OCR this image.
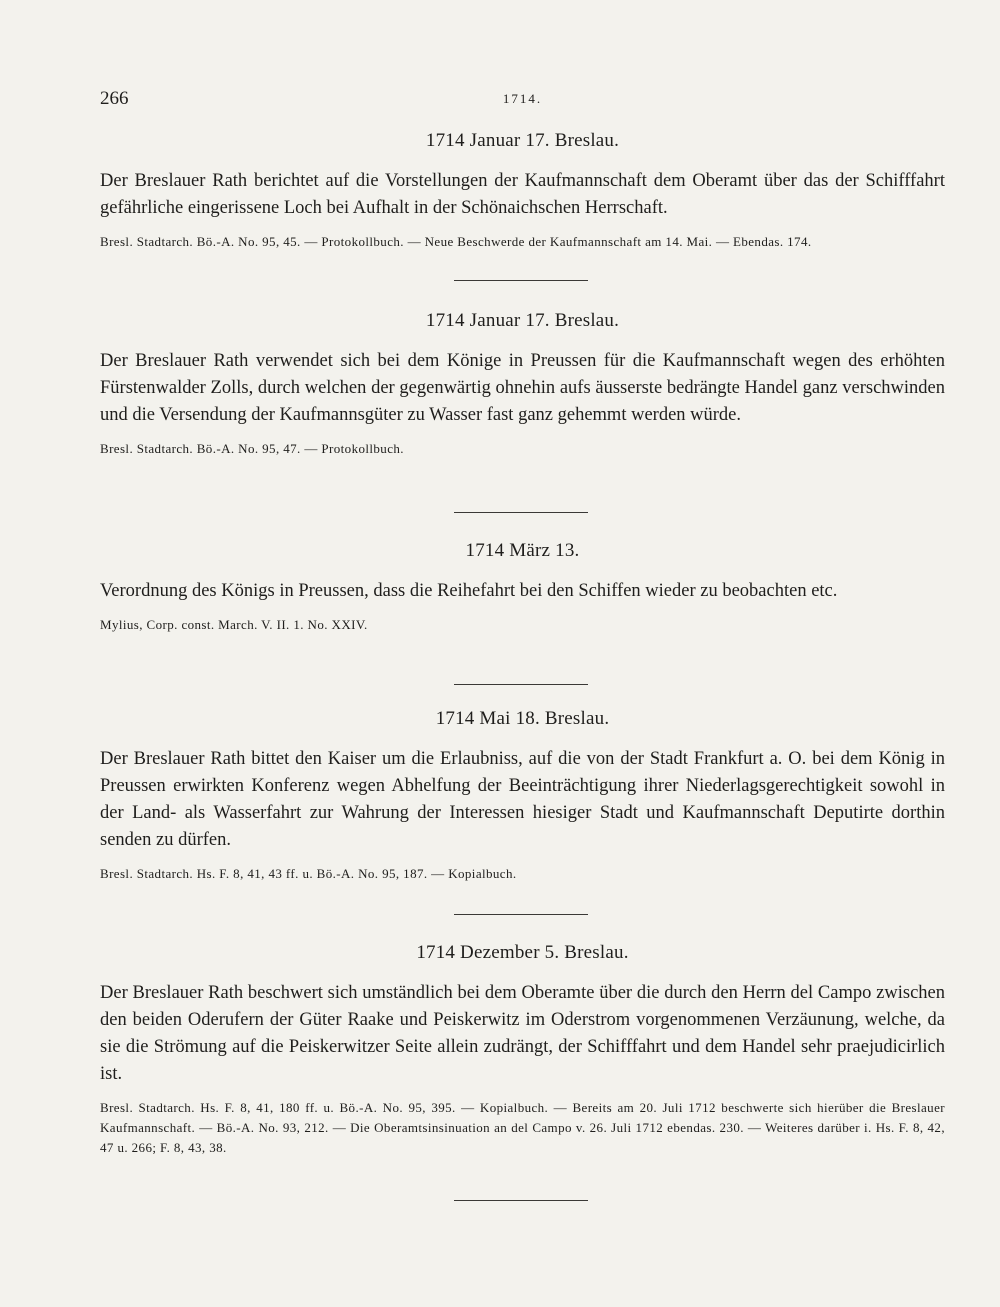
266	1714.
1714 Januar 17. Breslau.

Der Breslauer Rath berichtet auf die Vorstellungen der Kaufmannschaft dem Oberamt über das der Schifffahrt gefährliche eingerissene Loch bei Aufhalt in der Schönaichschen Herrschaft.

Bresl. Stadtarch. Bö.-A. No. 95, 45. — Protokollbuch. — Neue Beschwerde der Kaufmannschaft am 14. Mai. — Ebendas. 174.

1714 Januar 17. Breslau.

Der Breslauer Rath verwendet sich bei dem Könige in Preussen für die Kaufmannschaft wegen des erhöhten Fürstenwalder Zolls, durch welchen der gegenwärtig ohnehin aufs äusserste bedrängte Handel ganz verschwinden und die Versendung der Kaufmannsgüter zu Wasser fast ganz gehemmt werden würde.

Bresl. Stadtarch. Bö.-A. No. 95, 47. — Protokollbuch.

1714 März 13.

Verordnung des Königs in Preussen, dass die Reihefahrt bei den Schiffen wieder zu beobachten etc.

Mylius, Corp. const. March. V. II. 1. No. XXIV.

1714 Mai 18. Breslau.

Der Breslauer Rath bittet den Kaiser um die Erlaubniss, auf die von der Stadt Frankfurt a. O. bei dem König in Preussen erwirkten Konferenz wegen Abhelfung der Beeinträchtigung ihrer Niederlagsgerechtigkeit sowohl in der Land- als Wasserfahrt zur Wahrung der Interessen hiesiger Stadt und Kaufmannschaft Deputirte dorthin senden zu dürfen.

Bresl. Stadtarch. Hs. F. 8, 41, 43 ff. u. Bö.-A. No. 95, 187. — Kopialbuch.

1714 Dezember 5. Breslau.

Der Breslauer Rath beschwert sich umständlich bei dem Oberamte über die durch den Herrn del Campo zwischen den beiden Oderufern der Güter Raake und Peiskerwitz im Oderstrom vorgenommenen Verzäunung, welche, da sie die Strömung auf die Peiskerwitzer Seite allein zudrängt, der Schifffahrt und dem Handel sehr praejudicirlich ist.

Bresl. Stadtarch. Hs. F. 8, 41, 180 ff. u. Bö.-A. No. 95, 395. — Kopialbuch. — Bereits am 20. Juli 1712 beschwerte sich hierüber die Breslauer Kaufmannschaft. — Bö.-A. No. 93, 212. — Die Oberamtsinsinuation an del Campo v. 26. Juli 1712 ebendas. 230. — Weiteres darüber i. Hs. F. 8, 42, 47 u. 266; F. 8, 43, 38.
